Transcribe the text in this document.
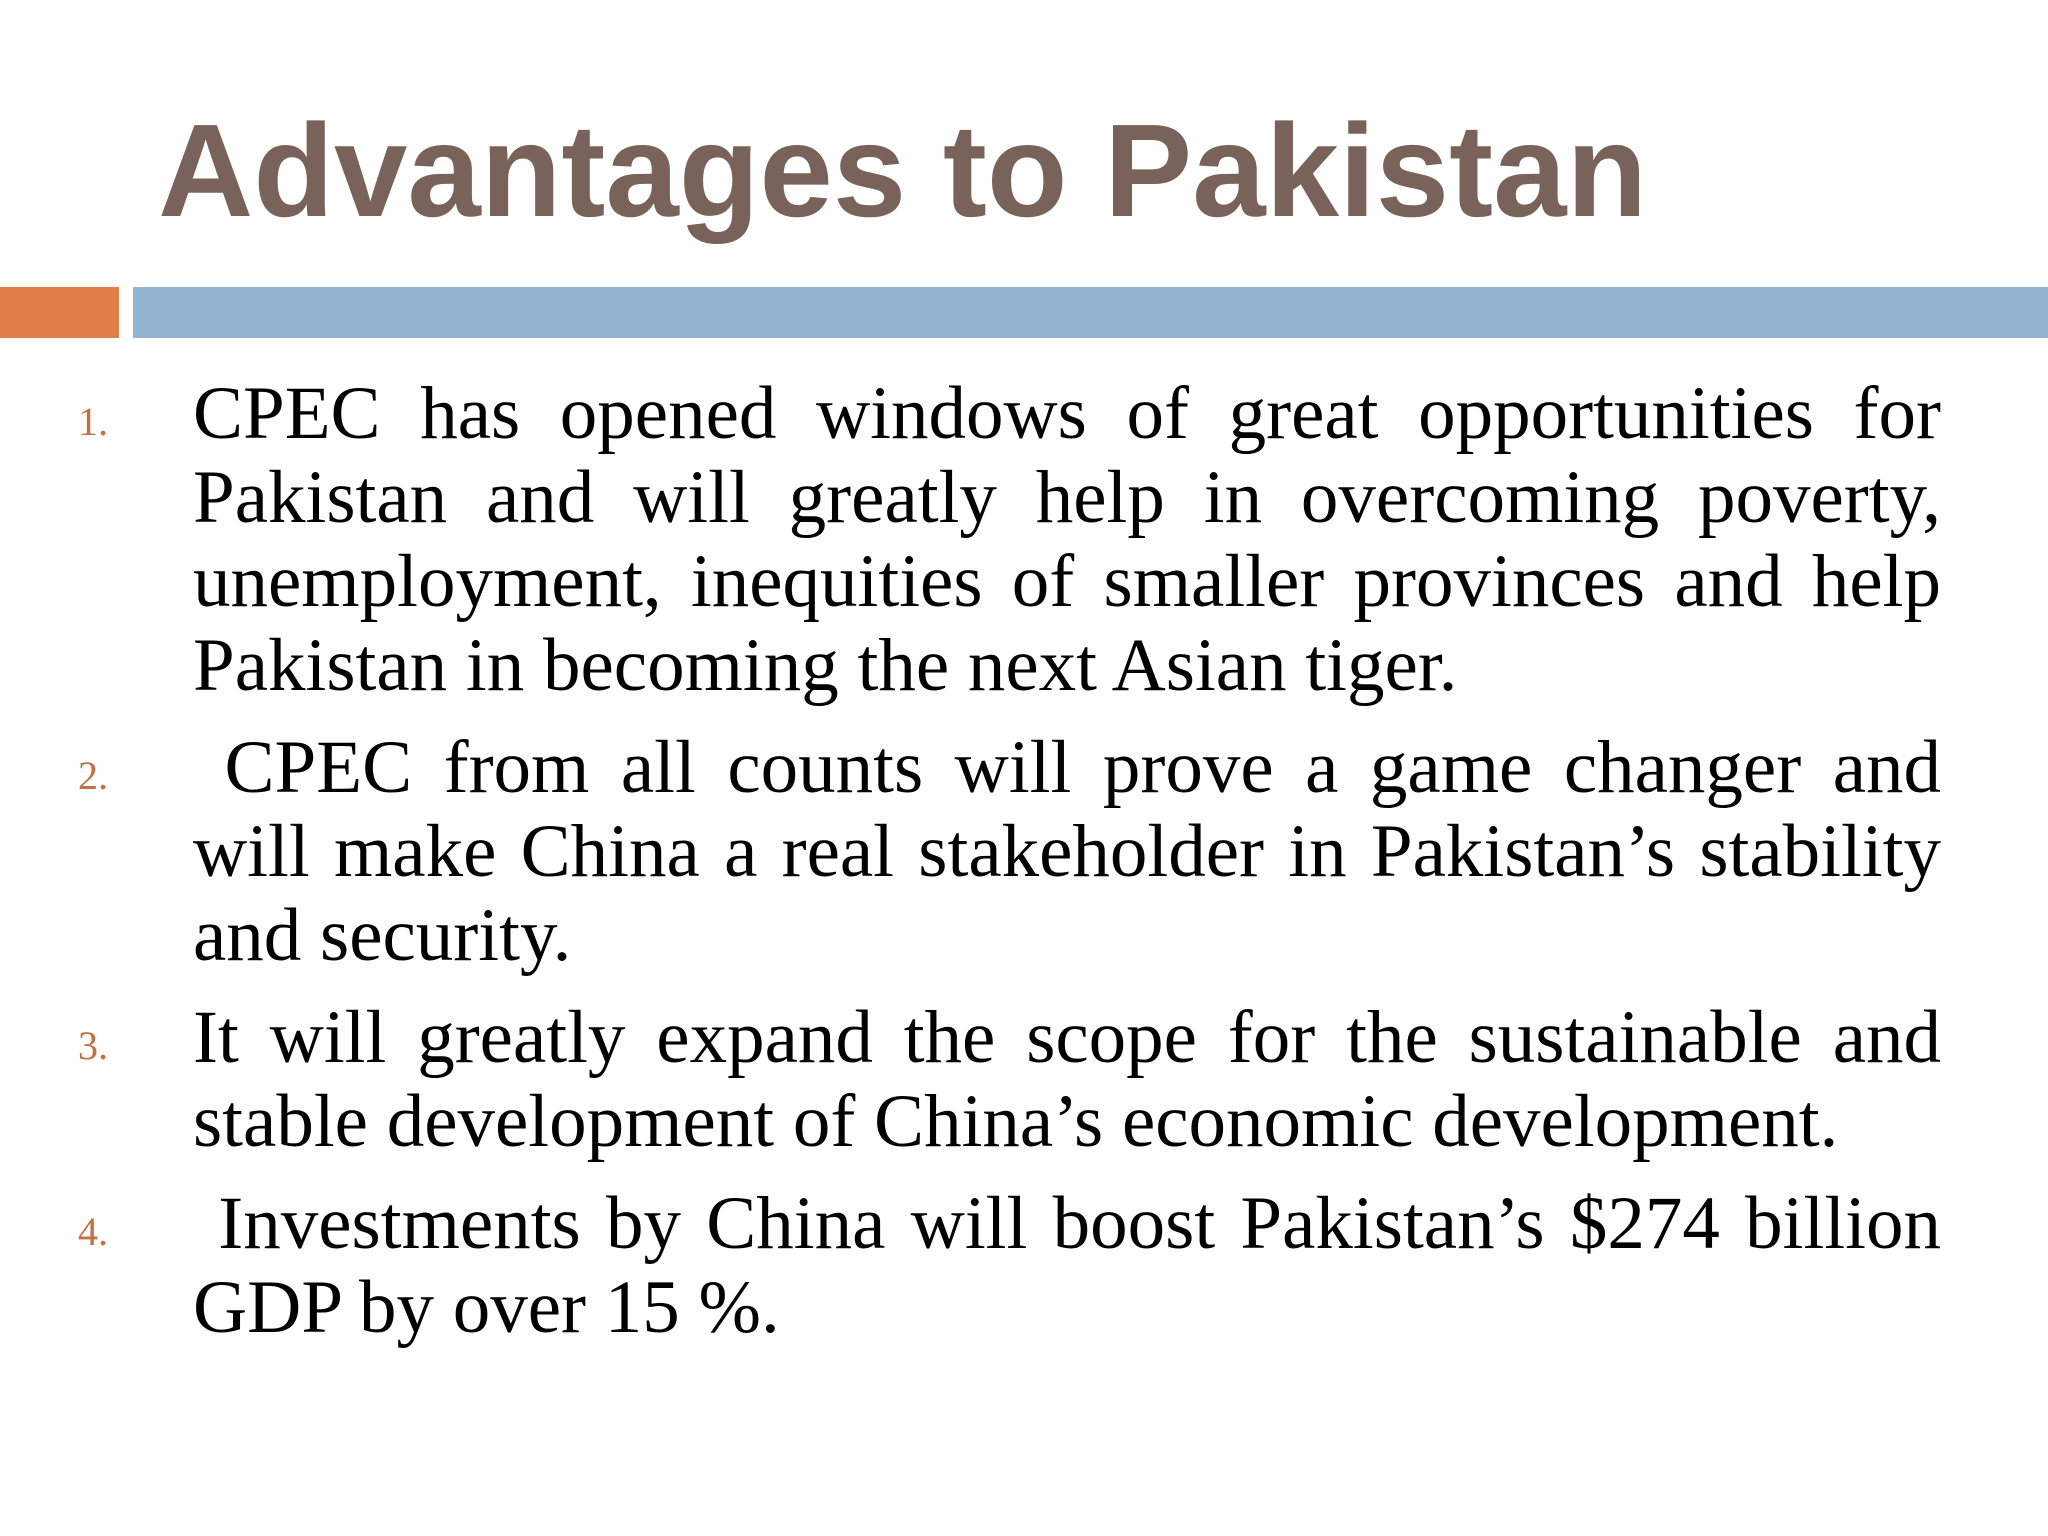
Advantages to Pakistan
1. CPEC has opened windows of great opportunities for Pakistan and will greatly help in overcoming poverty, unemployment, inequities of smaller provinces and help Pakistan in becoming the next Asian tiger.
2. CPEC from all counts will prove a game changer and will make China a real stakeholder in Pakistan’s stability and security.
3. It will greatly expand the scope for the sustainable and stable development of China’s economic development.
4. Investments by China will boost Pakistan’s $274 billion GDP by over 15 %.
